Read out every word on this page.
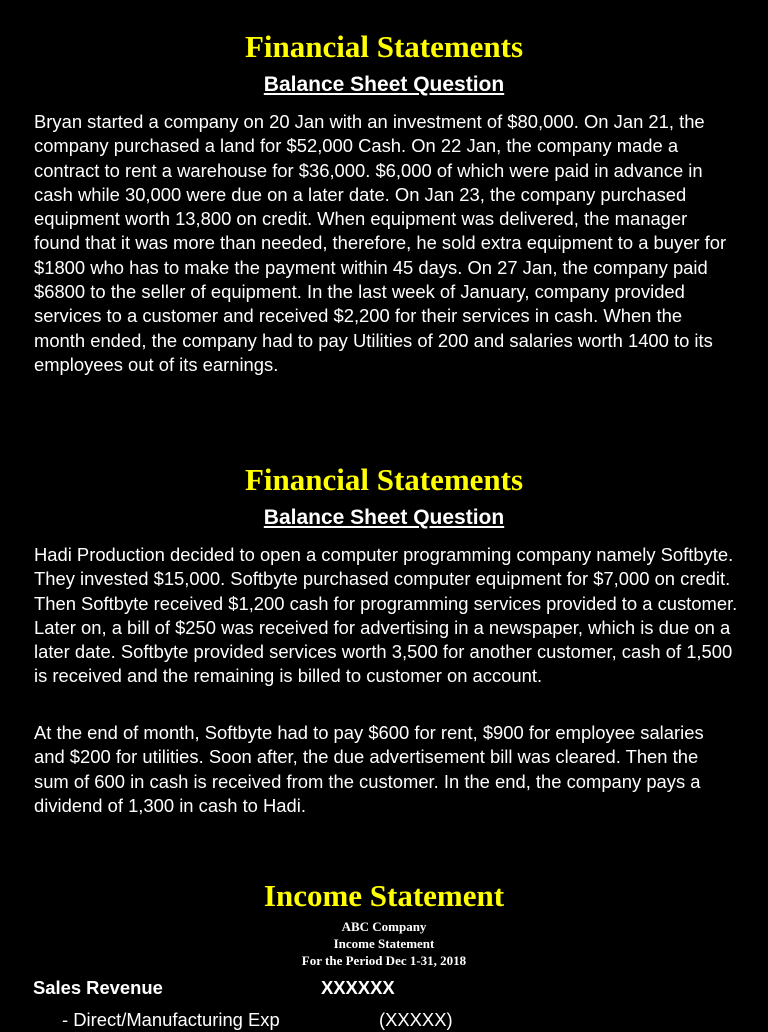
Financial Statements
Balance Sheet Question

Bryan started a company on 20 Jan with an investment of $80,000. On Jan 21, the company purchased a land for $52,000 Cash. On 22 Jan, the company made a contract to rent a warehouse for $36,000. $6,000 of which were paid in advance in cash while 30,000 were due on a later date. On Jan 23, the company purchased equipment worth 13,800 on credit. When equipment was delivered, the manager found that it was more than needed, therefore, he sold extra equipment to a buyer for $1800 who has to make the payment within 45 days. On 27 Jan, the company paid $6800 to the seller of equipment. In the last week of January, company provided services to a customer and received $2,200 for their services in cash. When the month ended, the company had to pay Utilities of 200 and salaries worth 1400 to its employees out of its earnings.

Financial Statements
Balance Sheet Question

Hadi Production decided to open a computer programming company namely Softbyte. They invested $15,000. Softbyte purchased computer equipment for $7,000 on credit. Then Softbyte received $1,200 cash for programming services provided to a customer. Later on, a bill of $250 was received for advertising in a newspaper, which is due on a later date. Softbyte provided services worth 3,500 for another customer, cash of 1,500 is received and the remaining is billed to customer on account.

At the end of month, Softbyte had to pay $600 for rent, $900 for employee salaries and $200 for utilities. Soon after, the due advertisement bill was cleared. Then the sum of 600 in cash is received from the customer. In the end, the company pays a dividend of 1,300 in cash to Hadi.

Income Statement
ABC Company
Income Statement
For the Period Dec 1-31, 2018
Sales Revenue	XXXXXX
- Direct/Manufacturing Exp	(XXXXX)
